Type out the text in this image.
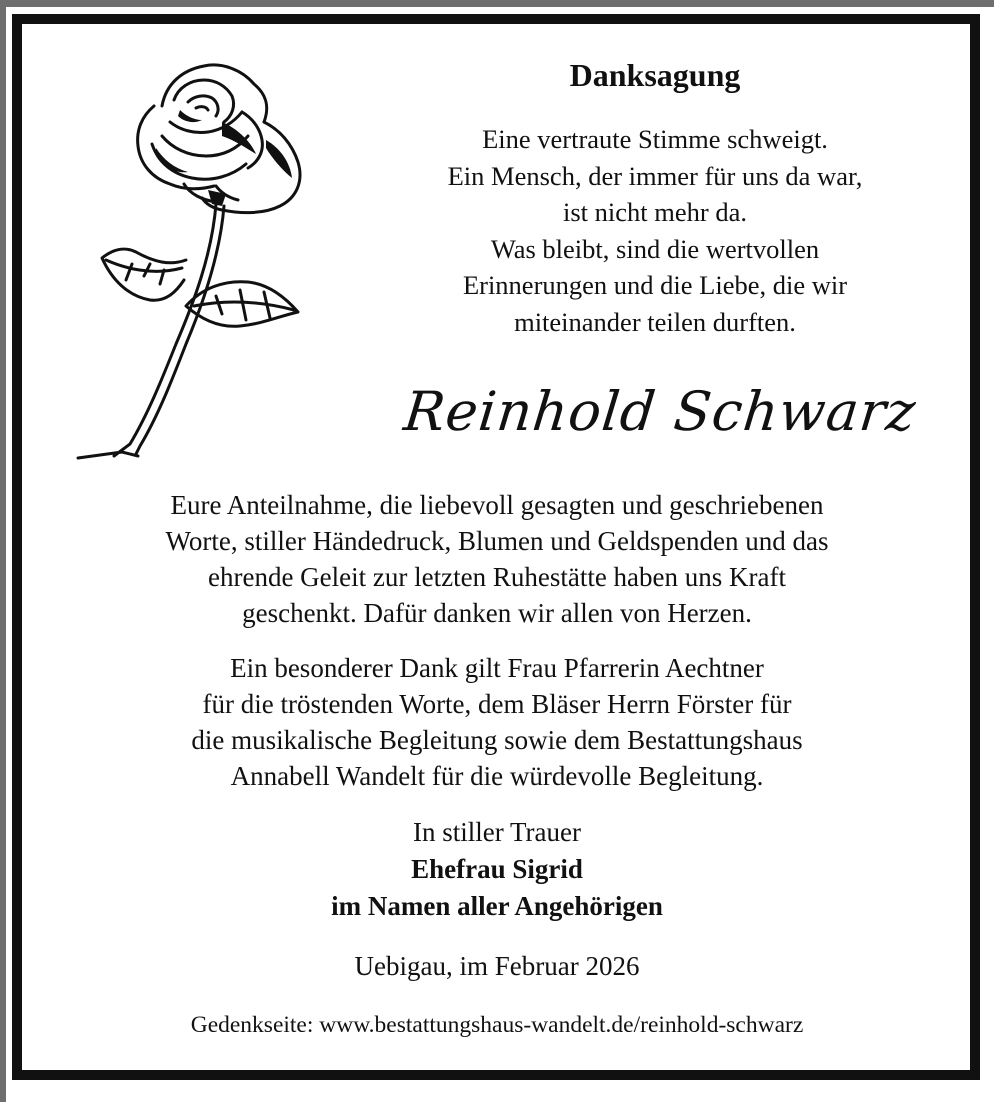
Danksagung
Eine vertraute Stimme schweigt.
Ein Mensch, der immer für uns da war,
ist nicht mehr da.
Was bleibt, sind die wertvollen
Erinnerungen und die Liebe, die wir
miteinander teilen durften.
Reinhold Schwarz
Eure Anteilnahme, die liebevoll gesagten und geschriebenen
Worte, stiller Händedruck, Blumen und Geldspenden und das
ehrende Geleit zur letzten Ruhestätte haben uns Kraft
geschenkt. Dafür danken wir allen von Herzen.
Ein besonderer Dank gilt Frau Pfarrerin Aechtner
für die tröstenden Worte, dem Bläser Herrn Förster für
die musikalische Begleitung sowie dem Bestattungshaus
Annabell Wandelt für die würdevolle Begleitung.
In stiller Trauer
Ehefrau Sigrid
im Namen aller Angehörigen
Uebigau, im Februar 2026
Gedenkseite: www.bestattungshaus-wandelt.de/reinhold-schwarz
